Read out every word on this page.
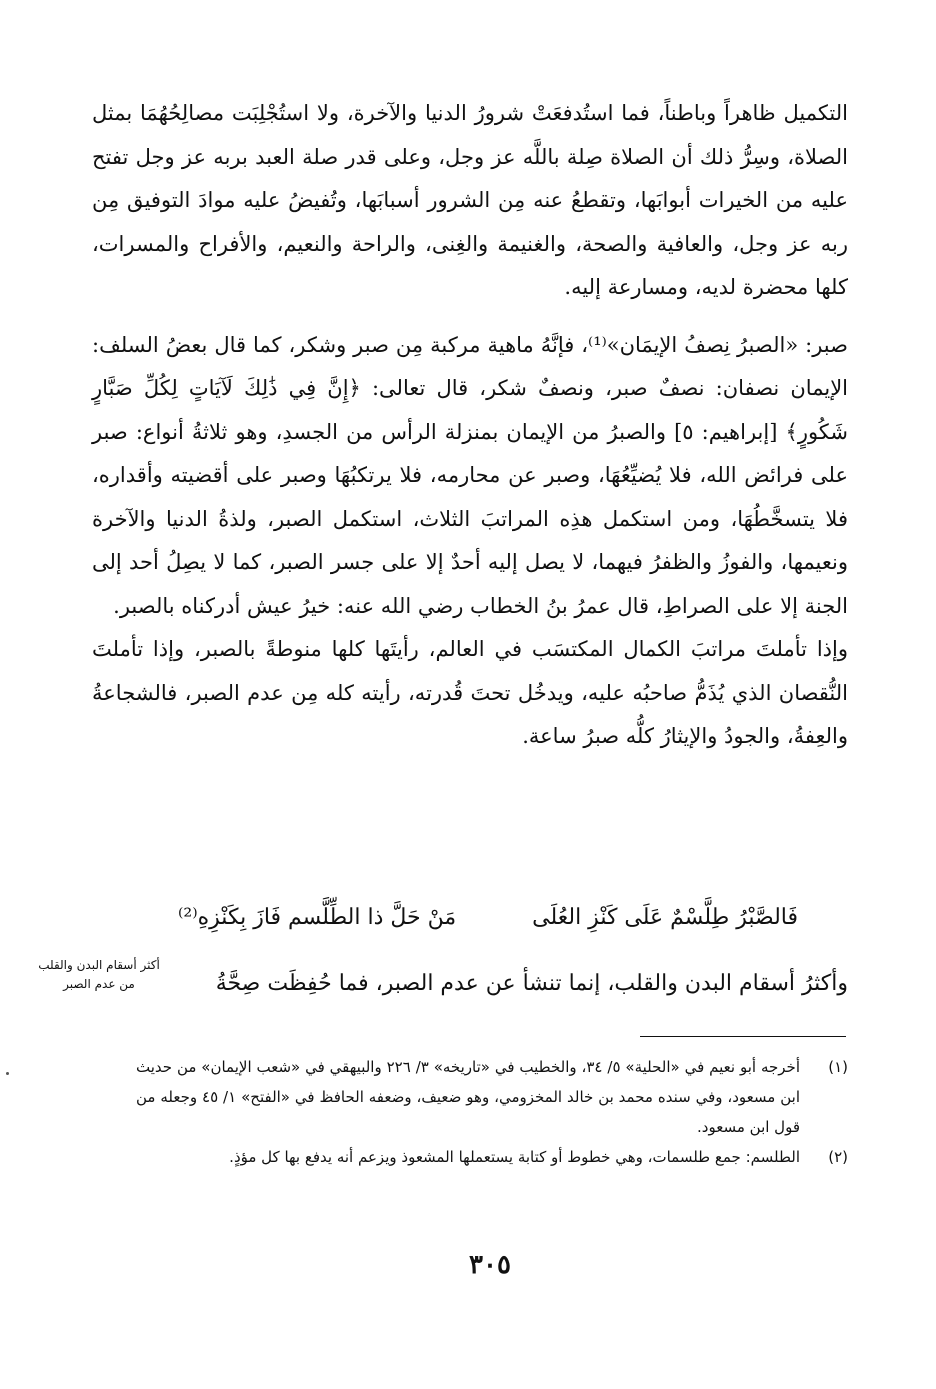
التكميل ظاهراً وباطناً، فما استُدفعَتْ شرورُ الدنيا والآخرة، ولا استُجْلِبَت مصالِحُهُمَا بمثل الصلاة، وسِرُّ ذلك أن الصلاة صِلة باللَّه عز وجل، وعلى قدر صلة العبد بربه عز وجل تفتح عليه من الخيرات أبوابَها، وتقطعُ عنه مِن الشرور أسبابَها، وتُفيضُ عليه موادَ التوفيق مِن ربه عز وجل، والعافية والصحة، والغنيمة والغِنى، والراحة والنعيم، والأفراح والمسرات، كلها محضرة لديه، ومسارعة إليه.

صبر: «الصبرُ نِصفُ الإيمَان»⁽¹⁾، فإنَّهُ ماهية مركبة مِن صبر وشكر، كما قال بعضُ السلف: الإيمان نصفان: نصفٌ صبر، ونصفٌ شكر، قال تعالى: ﴿إِنَّ فِي ذَٰلِكَ لَآيَاتٍ لِكُلِّ صَبَّارٍ شَكُورٍ﴾ [إبراهيم: ٥] والصبرُ من الإيمان بمنزلة الرأس من الجسدِ، وهو ثلاثةُ أنواع: صبر على فرائض الله، فلا يُضيِّعُهَا، وصبر عن محارمه، فلا يرتكبُهَا وصبر على أقضيته وأقداره، فلا يتسخَّطُهَا، ومن استكمل هذِه المراتبَ الثلاث، استكمل الصبر، ولذةُ الدنيا والآخرة ونعيمها، والفوزُ والظفرُ فيهما، لا يصل إليه أحدٌ إلا على جسر الصبر، كما لا يصِلُ أحد إلى الجنة إلا على الصراطِ، قال عمرُ بنُ الخطاب رضي الله عنه: خيرُ عيش أدركناه بالصبر.

وإذا تأملتَ مراتبَ الكمال المكتسَب في العالم، رأيتَها كلها منوطةً بالصبر، وإذا تأملتَ النُّقصان الذي يُذَمُّ صاحبُه عليه، ويدخُل تحتَ قُدرته، رأيته كله مِن عدم الصبر، فالشجاعةُ والعِفةُ، والجودُ والإيثارُ كلُّه صبرُ ساعة.

فَالصَّبْرُ طِلَّسْمٌ عَلَى كَنْزِ العُلَى
مَنْ حَلَّ ذا الطِّلَّسم فَازَ بِكَنْزِهِ⁽²⁾
وأكثرُ أسقام البدن والقلب، إنما تنشأ عن عدم الصبر، فما حُفِظَت صِحَّةُ
أكثر أسقام البدن والقلب
من عدم الصبر
(١)
أخرجه أبو نعيم في «الحلية» ٥/ ٣٤، والخطيب في «تاريخه» ٣/ ٢٢٦ والبيهقي في «شعب الإيمان» من حديث ابن مسعود، وفي سنده محمد بن خالد المخزومي، وهو ضعيف، وضعفه الحافظ في «الفتح» ١/ ٤٥ وجعله من قول ابن مسعود.
(٢)
الطلسم: جمع طلسمات، وهي خطوط أو كتابة يستعملها المشعوذ ويزعم أنه يدفع بها كل مؤذٍ.
٣٠٥
